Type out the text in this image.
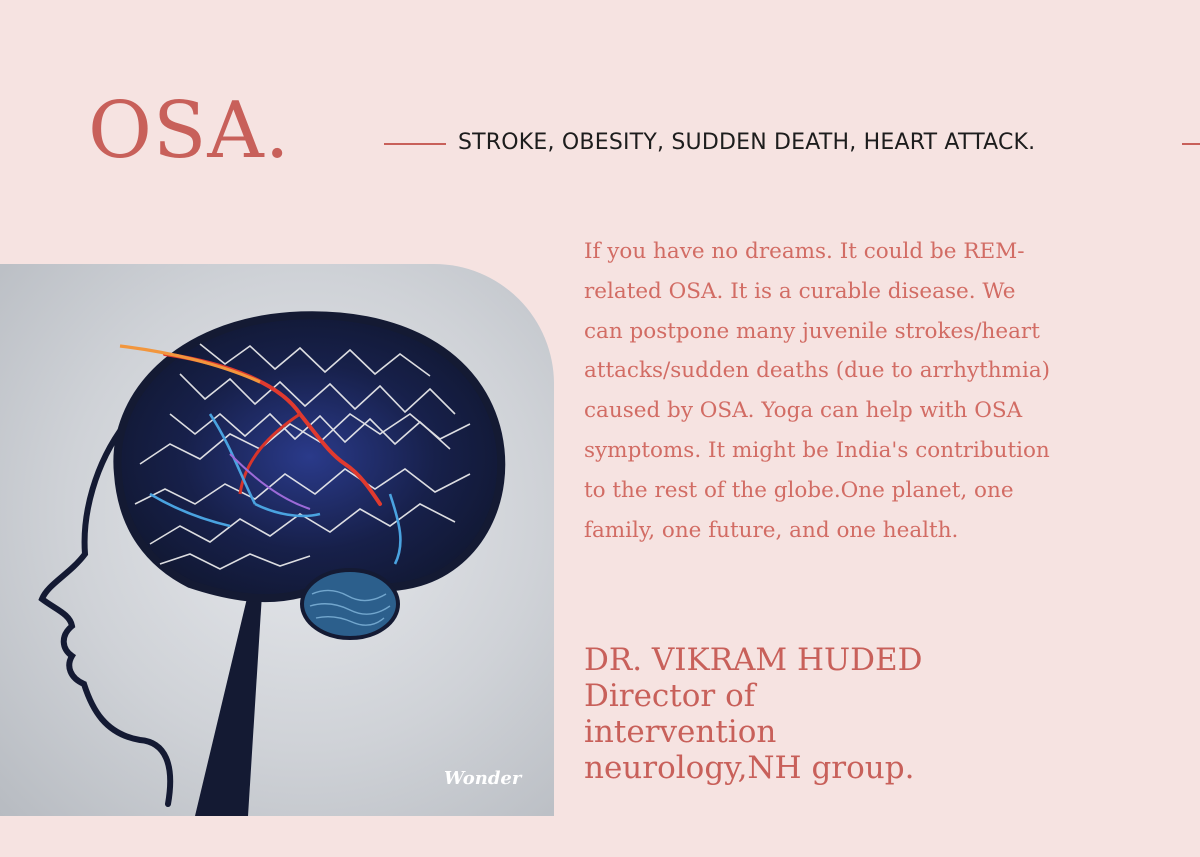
OSA.	STROKE, OBESITY, SUDDEN DEATH, HEART ATTACK.
Wonder

If you have no dreams. It could be REM-related OSA. It is a curable disease. We can postpone many juvenile strokes/heart attacks/sudden deaths (due to arrhythmia) caused by OSA. Yoga can help with OSA symptoms. It might be India's contribution to the rest of the globe.One planet, one family, one future, and one health.

DR. VIKRAM HUDED
Director of
intervention
neurology,NH group.
